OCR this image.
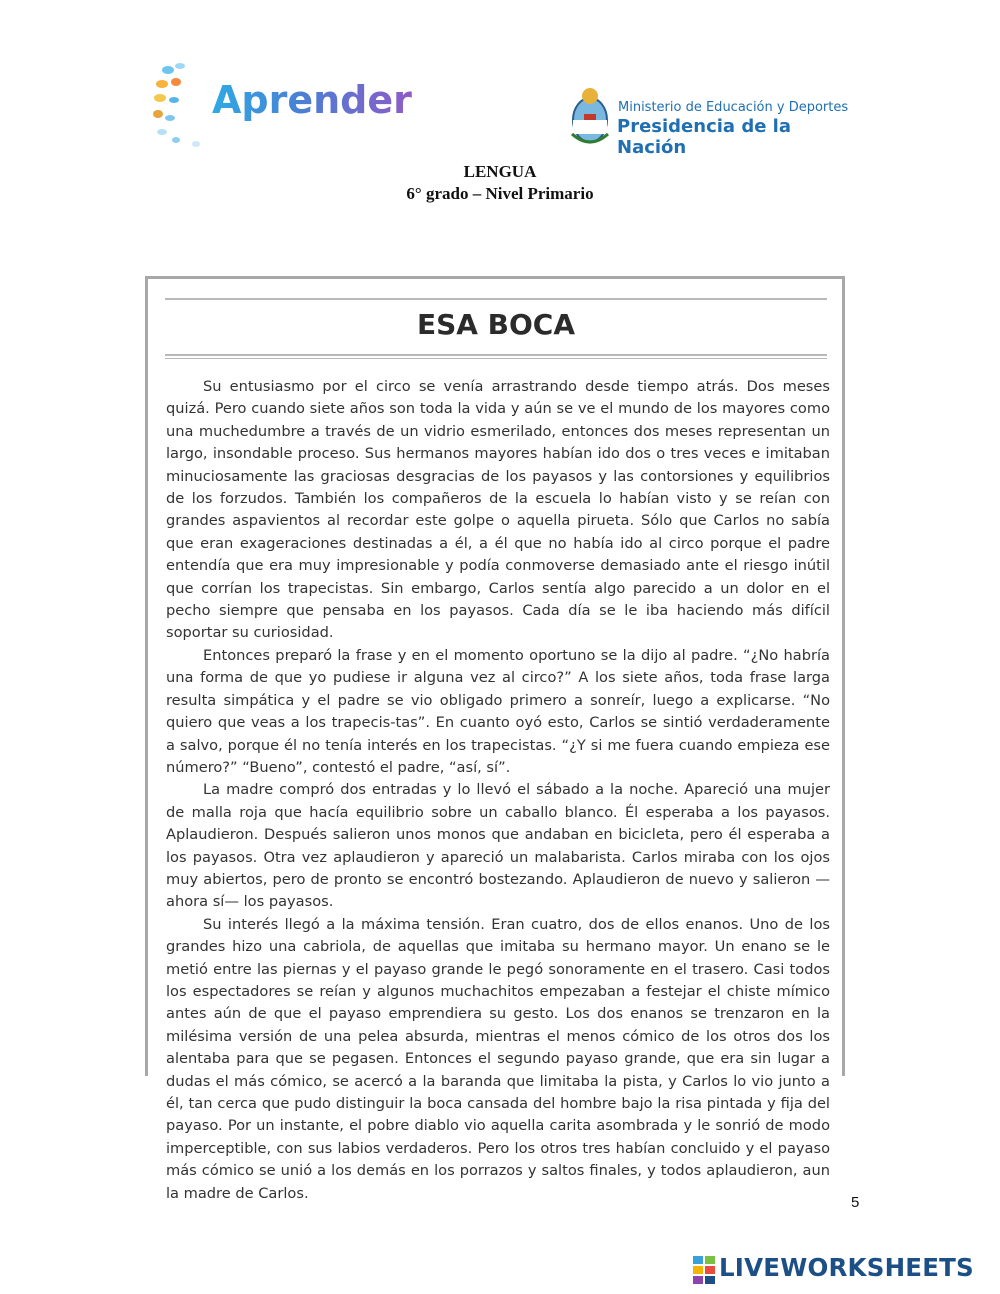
Aprender	Ministerio de Educación y Deportes
Presidencia de la Nación
LENGUA
6° grado – Nivel Primario
ESA BOCA

Su entusiasmo por el circo se venía arrastrando desde tiempo atrás. Dos meses quizá. Pero cuando siete años son toda la vida y aún se ve el mundo de los mayores como una muchedumbre a través de un vidrio esmerilado, entonces dos meses representan un largo, insondable proceso. Sus hermanos mayores habían ido dos o tres veces e imitaban minuciosamente las graciosas desgracias de los payasos y las contorsiones y equilibrios de los forzudos. También los compañeros de la escuela lo habían visto y se reían con grandes aspavientos al recordar este golpe o aquella pirueta. Sólo que Carlos no sabía que eran exageraciones destinadas a él, a él que no había ido al circo porque el padre entendía que era muy impresionable y podía conmoverse demasiado ante el riesgo inútil que corrían los trapecistas. Sin embargo, Carlos sentía algo parecido a un dolor en el pecho siempre que pensaba en los payasos. Cada día se le iba haciendo más difícil soportar su curiosidad.

Entonces preparó la frase y en el momento oportuno se la dijo al padre. “¿No habría una forma de que yo pudiese ir alguna vez al circo?” A los siete años, toda frase larga resulta simpática y el padre se vio obligado primero a sonreír, luego a explicarse. “No quiero que veas a los trapecis-tas”. En cuanto oyó esto, Carlos se sintió verdaderamente a salvo, porque él no tenía interés en los trapecistas. “¿Y si me fuera cuando empieza ese número?” “Bueno”, contestó el padre, “así, sí”.

La madre compró dos entradas y lo llevó el sábado a la noche. Apareció una mujer de malla roja que hacía equilibrio sobre un caballo blanco. Él esperaba a los payasos. Aplaudieron. Después salieron unos monos que andaban en bicicleta, pero él esperaba a los payasos. Otra vez aplaudieron y apareció un malabarista. Carlos miraba con los ojos muy abiertos, pero de pronto se encontró bostezando. Aplaudieron de nuevo y salieron —ahora sí— los payasos.

Su interés llegó a la máxima tensión. Eran cuatro, dos de ellos enanos. Uno de los grandes hizo una cabriola, de aquellas que imitaba su hermano mayor. Un enano se le metió entre las piernas y el payaso grande le pegó sonoramente en el trasero. Casi todos los espectadores se reían y algunos muchachitos empezaban a festejar el chiste mímico antes aún de que el payaso emprendiera su gesto. Los dos enanos se trenzaron en la milésima versión de una pelea absurda, mientras el menos cómico de los otros dos los alentaba para que se pegasen. Entonces el segundo payaso grande, que era sin lugar a dudas el más cómico, se acercó a la baranda que limitaba la pista, y Carlos lo vio junto a él, tan cerca que pudo distinguir la boca cansada del hombre bajo la risa pintada y fija del payaso. Por un instante, el pobre diablo vio aquella carita asombrada y le sonrió de modo imperceptible, con sus labios verdaderos. Pero los otros tres habían concluido y el payaso más cómico se unió a los demás en los porrazos y saltos finales, y todos aplaudieron, aun la madre de Carlos.

5
LIVEWORKSHEETS
